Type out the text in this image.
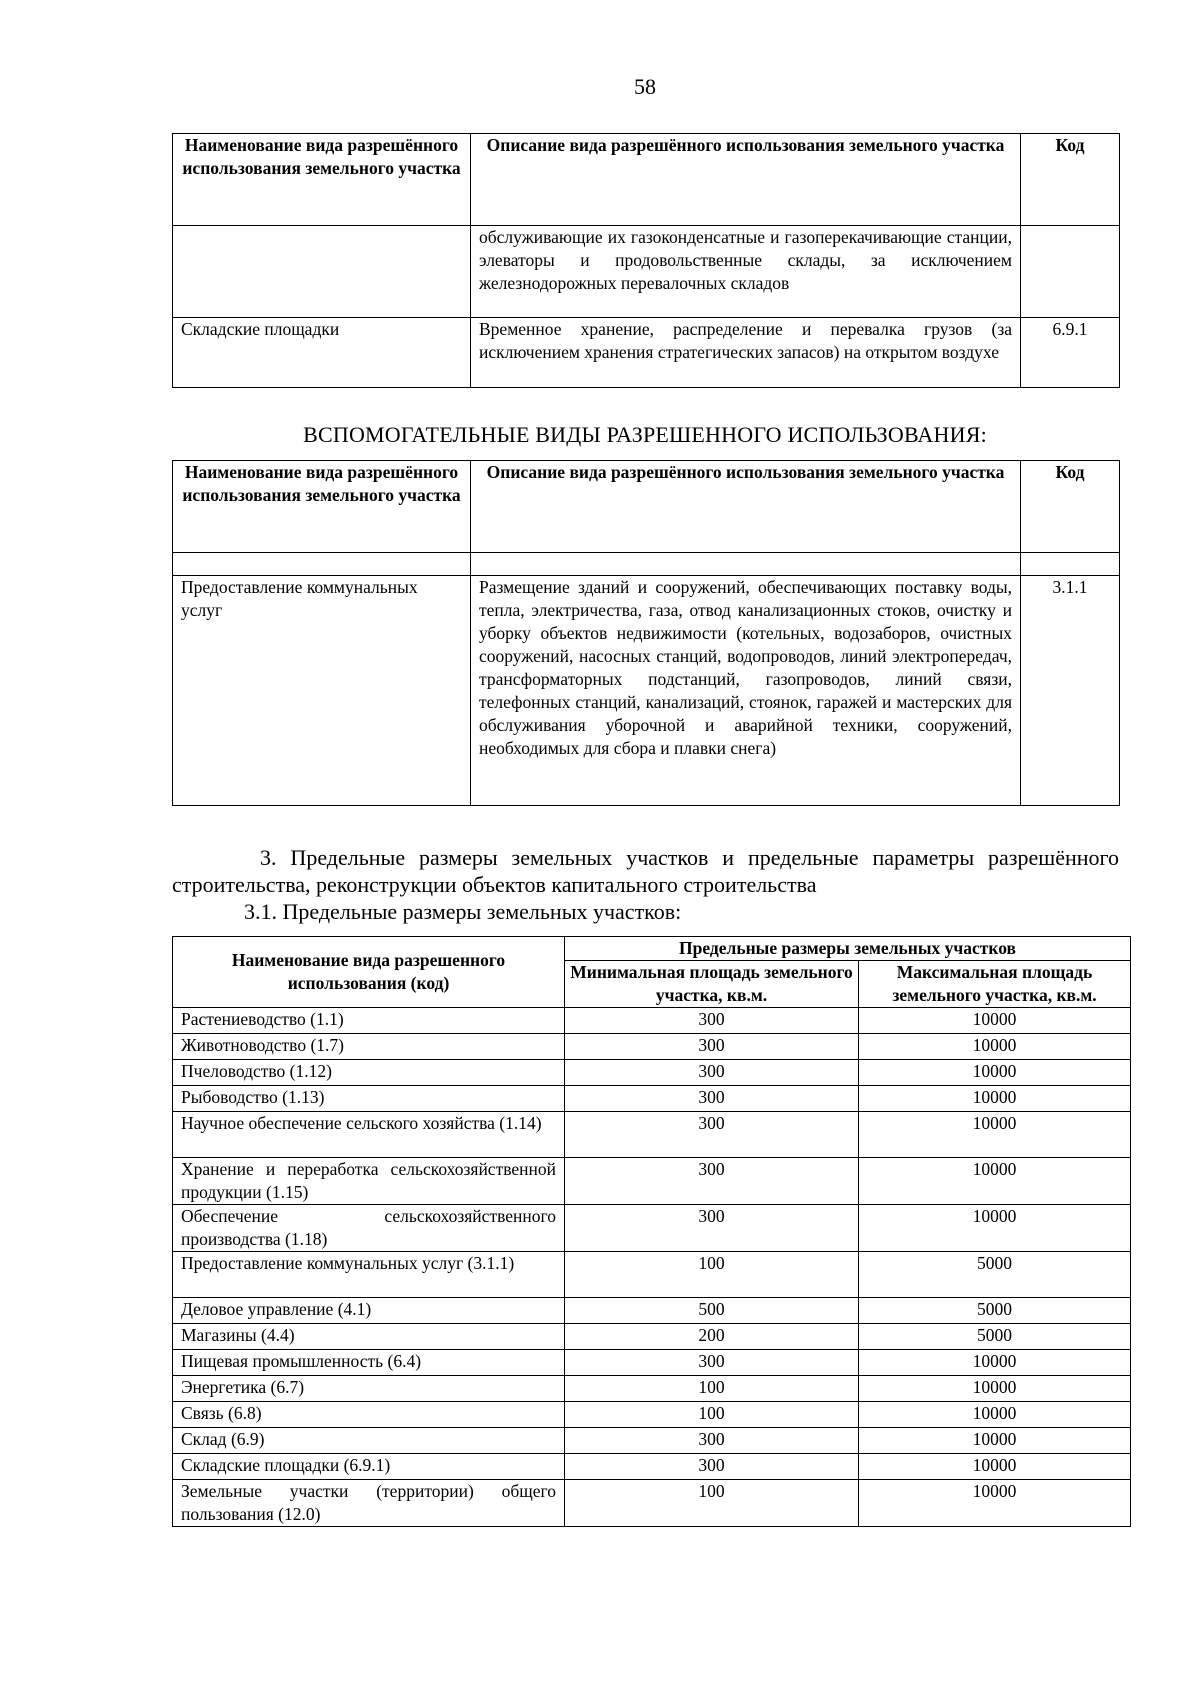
58
Наименование вида разрешённого использования земельного участка	Описание вида разрешённого использования земельного участка	Код
	обслуживающие их газоконденсатные и газоперекачивающие станции, элеваторы и продовольственные склады, за исключением железнодорожных перевалочных складов	
Складские площадки	Временное хранение, распределение и перевалка грузов (за исключением хранения стратегических запасов) на открытом воздухе	6.9.1
ВСПОМОГАТЕЛЬНЫЕ ВИДЫ РАЗРЕШЕННОГО ИСПОЛЬЗОВАНИЯ:
Наименование вида разрешённого использования земельного участка	Описание вида разрешённого использования земельного участка	Код

Предоставление коммунальных услуг	Размещение зданий и сооружений, обеспечивающих поставку воды, тепла, электричества, газа, отвод канализационных стоков, очистку и уборку объектов недвижимости (котельных, водозаборов, очистных сооружений, насосных станций, водопроводов, линий электропередач, трансформаторных подстанций, газопроводов, линий связи, телефонных станций, канализаций, стоянок, гаражей и мастерских для обслуживания уборочной и аварийной техники, сооружений, необходимых для сбора и плавки снега)	3.1.1
3. Предельные размеры земельных участков и предельные параметры разрешённого строительства, реконструкции объектов капитального строительства
3.1. Предельные размеры земельных участков:
Наименование вида разрешенного использования (код)	Предельные размеры земельных участков	
	Минимальная площадь земельного участка, кв.м.	Максимальная площадь земельного участка, кв.м.
Растениеводство (1.1)	300	10000
Животноводство (1.7)	300	10000
Пчеловодство (1.12)	300	10000
Рыбоводство (1.13)	300	10000
Научное обеспечение сельского хозяйства (1.14)	300	10000
Хранение и переработка сельскохозяйственной продукции (1.15)	300	10000
Обеспечение сельскохозяйственного производства (1.18)	300	10000
Предоставление коммунальных услуг (3.1.1)	100	5000
Деловое управление (4.1)	500	5000
Магазины (4.4)	200	5000
Пищевая промышленность (6.4)	300	10000
Энергетика (6.7)	100	10000
Связь (6.8)	100	10000
Склад (6.9)	300	10000
Складские площадки (6.9.1)	300	10000
Земельные участки (территории) общего пользования (12.0)	100	10000
